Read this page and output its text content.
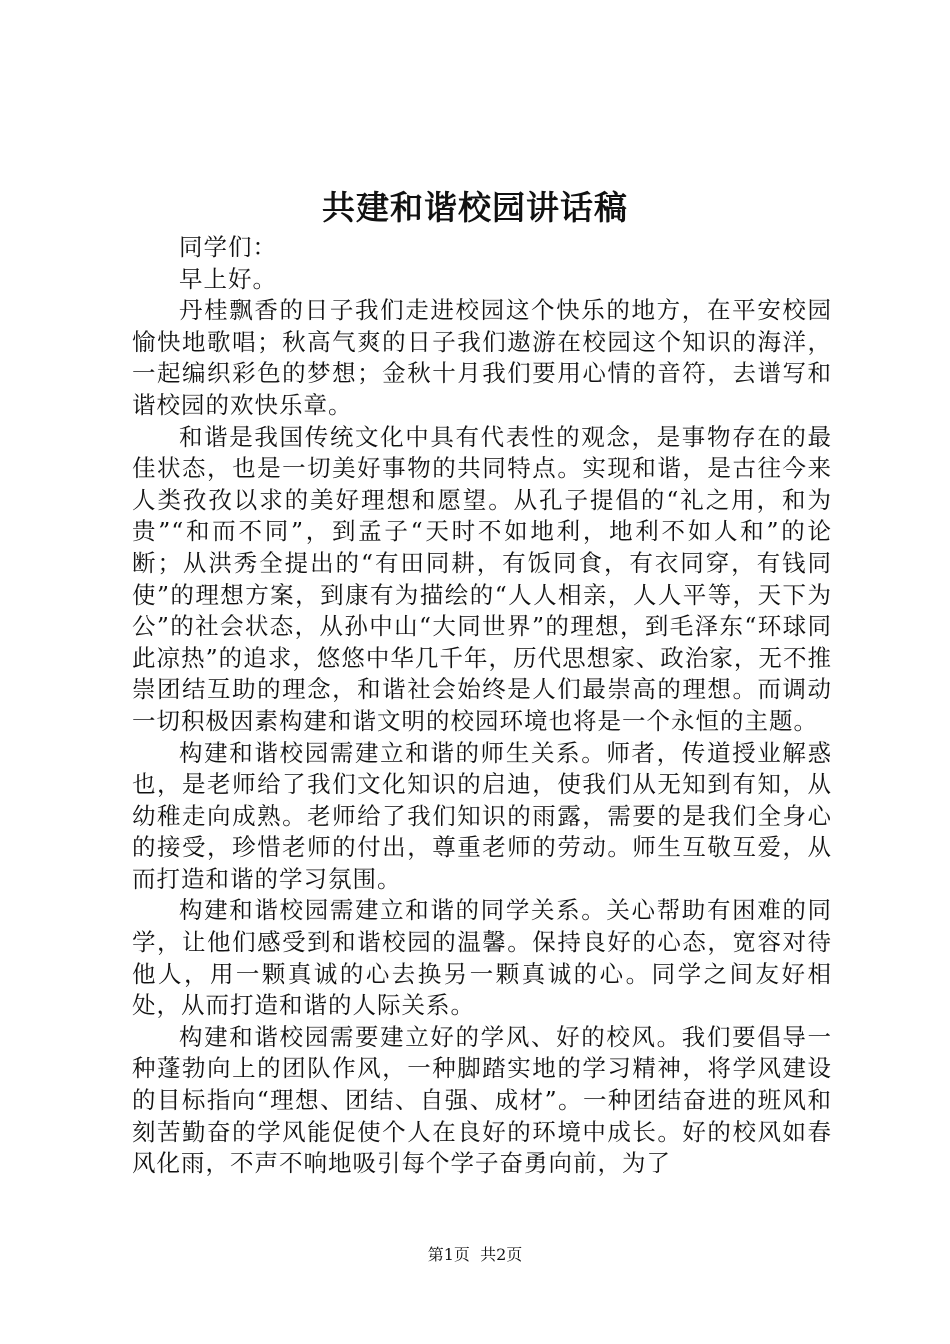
共建和谐校园讲话稿

同学们：

早上好。

丹桂飘香的日子我们走进校园这个快乐的地方，在平安校园愉快地歌唱；秋高气爽的日子我们遨游在校园这个知识的海洋，一起编织彩色的梦想；金秋十月我们要用心情的音符，去谱写和谐校园的欢快乐章。

和谐是我国传统文化中具有代表性的观念，是事物存在的最佳状态，也是一切美好事物的共同特点。实现和谐，是古往今来人类孜孜以求的美好理想和愿望。从孔子提倡的“礼之用，和为贵”“和而不同”，到孟子“天时不如地利，地利不如人和”的论断；从洪秀全提出的“有田同耕，有饭同食，有衣同穿，有钱同使”的理想方案，到康有为描绘的“人人相亲，人人平等，天下为公”的社会状态，从孙中山“大同世界”的理想，到毛泽东“环球同此凉热”的追求，悠悠中华几千年，历代思想家、政治家，无不推崇团结互助的理念，和谐社会始终是人们最崇高的理想。而调动一切积极因素构建和谐文明的校园环境也将是一个永恒的主题。

构建和谐校园需建立和谐的师生关系。师者，传道授业解惑也，是老师给了我们文化知识的启迪，使我们从无知到有知，从幼稚走向成熟。老师给了我们知识的雨露，需要的是我们全身心的接受，珍惜老师的付出，尊重老师的劳动。师生互敬互爱，从而打造和谐的学习氛围。

构建和谐校园需建立和谐的同学关系。关心帮助有困难的同学，让他们感受到和谐校园的温馨。保持良好的心态，宽容对待他人，用一颗真诚的心去换另一颗真诚的心。同学之间友好相处，从而打造和谐的人际关系。

构建和谐校园需要建立好的学风、好的校风。我们要倡导一种蓬勃向上的团队作风，一种脚踏实地的学习精神，将学风建设的目标指向“理想、团结、自强、成材”。一种团结奋进的班风和刻苦勤奋的学风能促使个人在良好的环境中成长。好的校风如春风化雨，不声不响地吸引每个学子奋勇向前，为了

第1页  共2页
